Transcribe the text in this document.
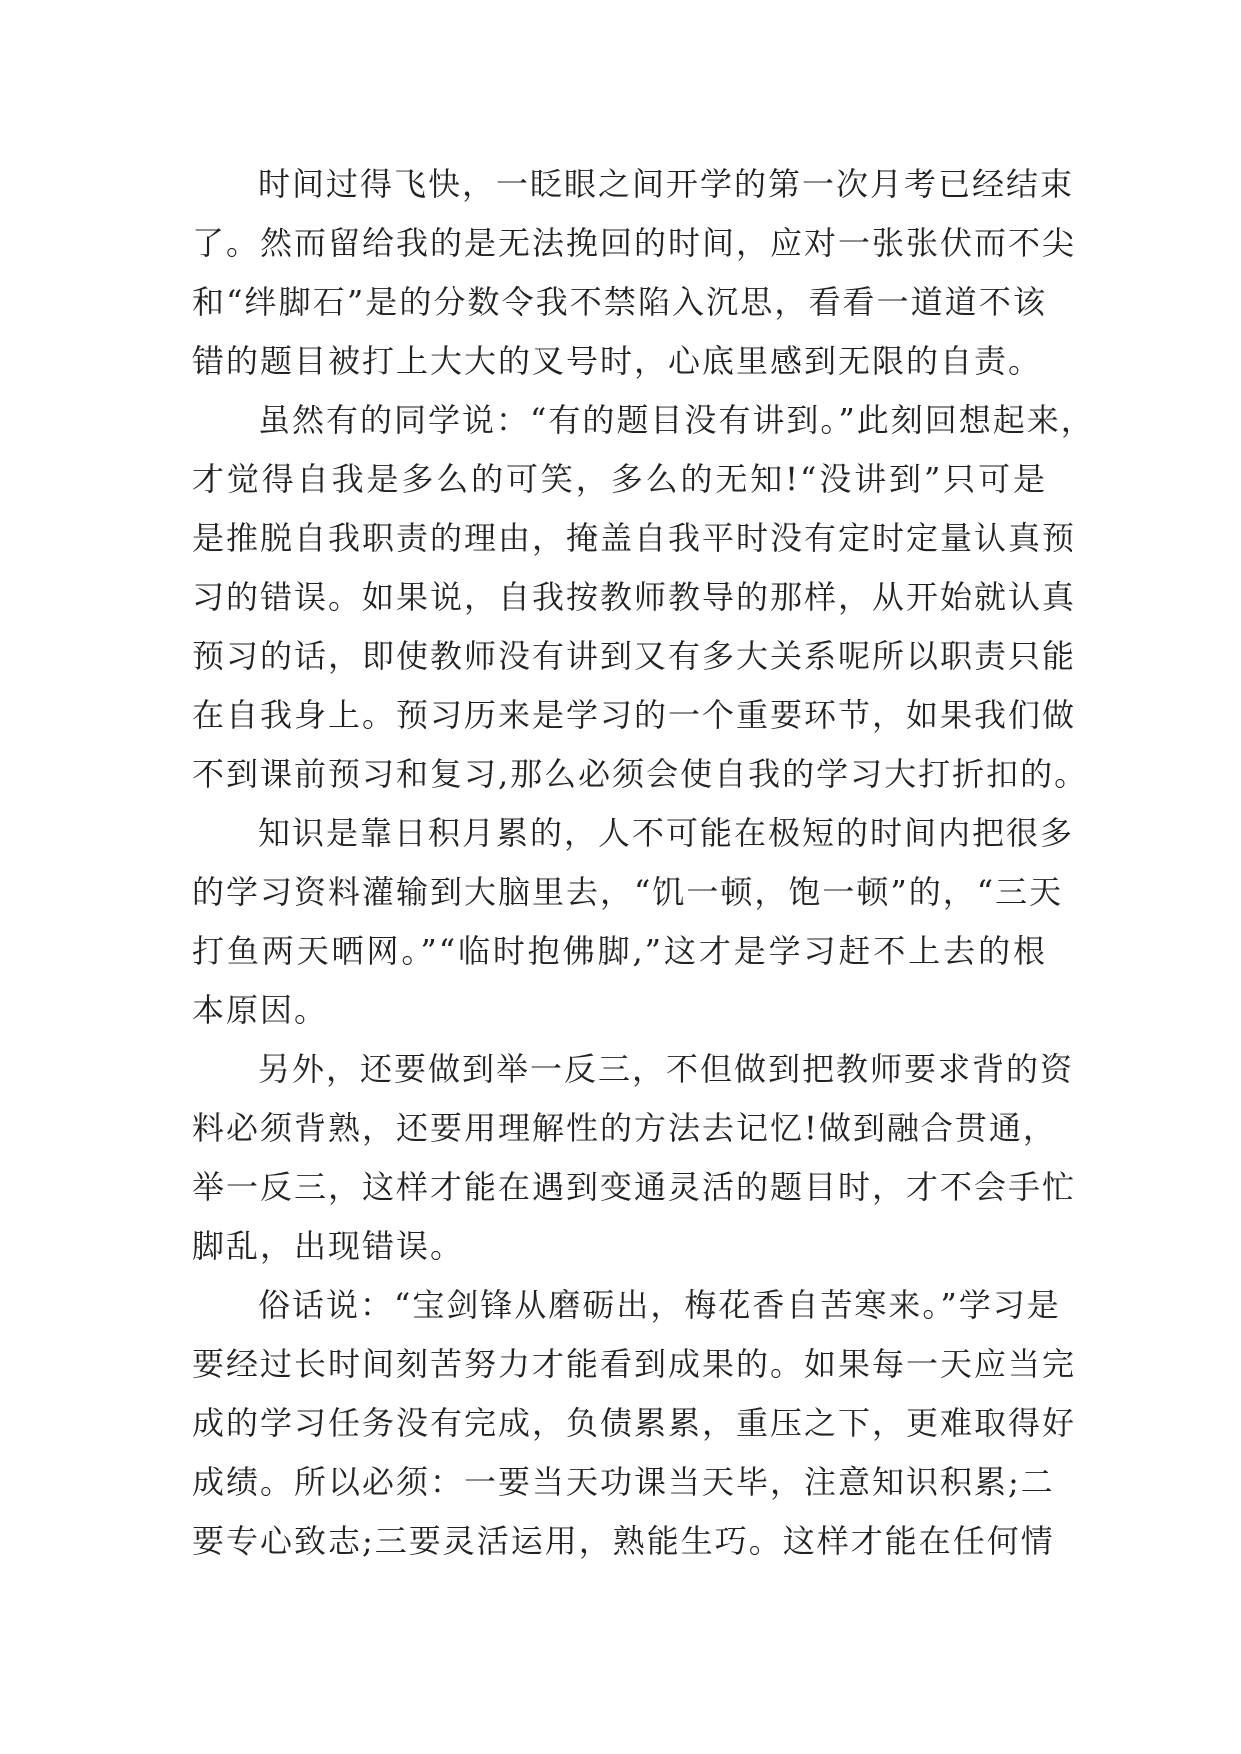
时间过得飞快，一眨眼之间开学的第一次月考已经结束
了。然而留给我的是无法挽回的时间，应对一张张伏而不尖
和“绊脚石”是的分数令我不禁陷入沉思，看看一道道不该
错的题目被打上大大的叉号时，心底里感到无限的自责。
虽然有的同学说：“有的题目没有讲到。”此刻回想起来，
才觉得自我是多么的可笑，多么的无知!“没讲到”只可是
是推脱自我职责的理由，掩盖自我平时没有定时定量认真预
习的错误。如果说，自我按教师教导的那样，从开始就认真
预习的话，即使教师没有讲到又有多大关系呢所以职责只能
在自我身上。预习历来是学习的一个重要环节，如果我们做
不到课前预习和复习,那么必须会使自我的学习大打折扣的。
知识是靠日积月累的，人不可能在极短的时间内把很多
的学习资料灌输到大脑里去，“饥一顿，饱一顿”的，“三天
打鱼两天晒网。”“临时抱佛脚,”这才是学习赶不上去的根
本原因。
另外，还要做到举一反三，不但做到把教师要求背的资
料必须背熟，还要用理解性的方法去记忆!做到融合贯通，
举一反三，这样才能在遇到变通灵活的题目时，才不会手忙
脚乱，出现错误。
俗话说：“宝剑锋从磨砺出，梅花香自苦寒来。”学习是
要经过长时间刻苦努力才能看到成果的。如果每一天应当完
成的学习任务没有完成，负债累累，重压之下，更难取得好
成绩。所以必须：一要当天功课当天毕，注意知识积累;二
要专心致志;三要灵活运用，熟能生巧。这样才能在任何情
